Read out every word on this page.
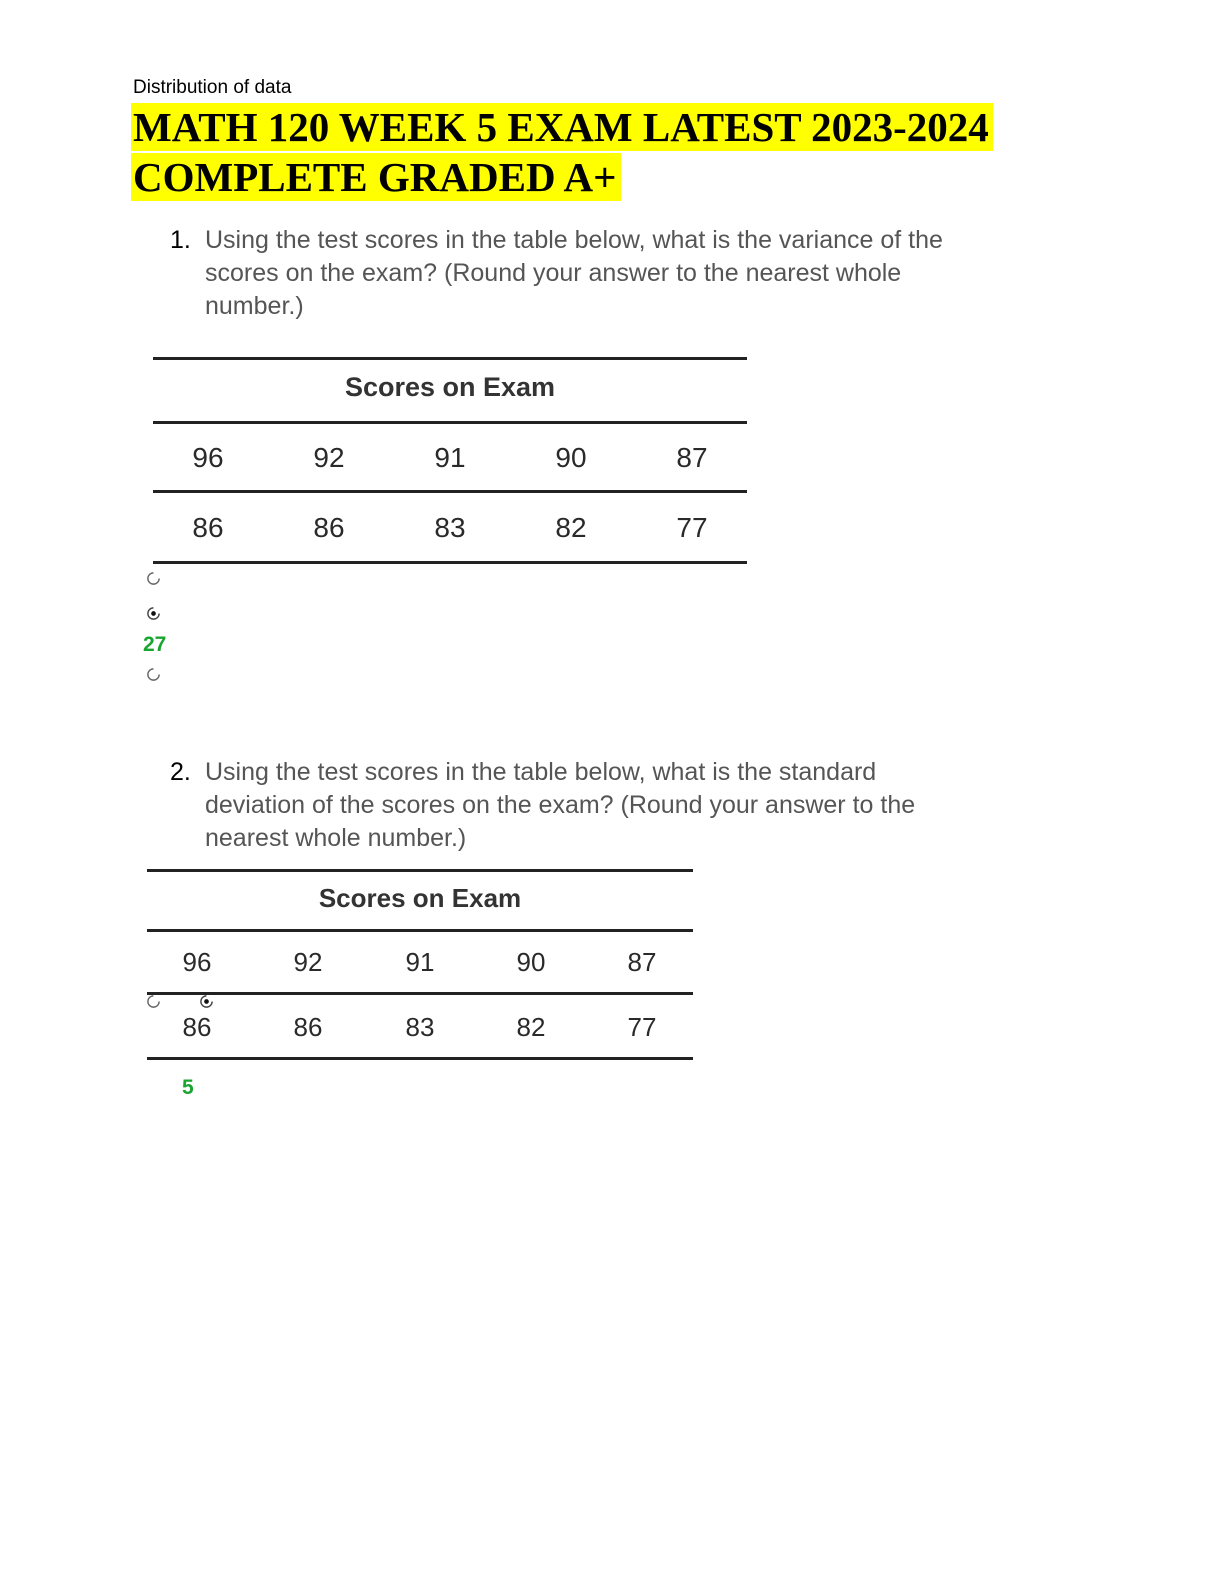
Distribution of data
MATH 120 WEEK 5 EXAM LATEST 2023-2024
COMPLETE GRADED A+
1. Using the test scores in the table below, what is the variance of the
scores on the exam? (Round your answer to the nearest whole
number.)
Scores on Exam
96	92	91	90	87
86	86	83	82	77
27
2. Using the test scores in the table below, what is the standard
deviation of the scores on the exam? (Round your answer to the
nearest whole number.)
Scores on Exam
96	92	91	90	87
86	86	83	82	77
5
